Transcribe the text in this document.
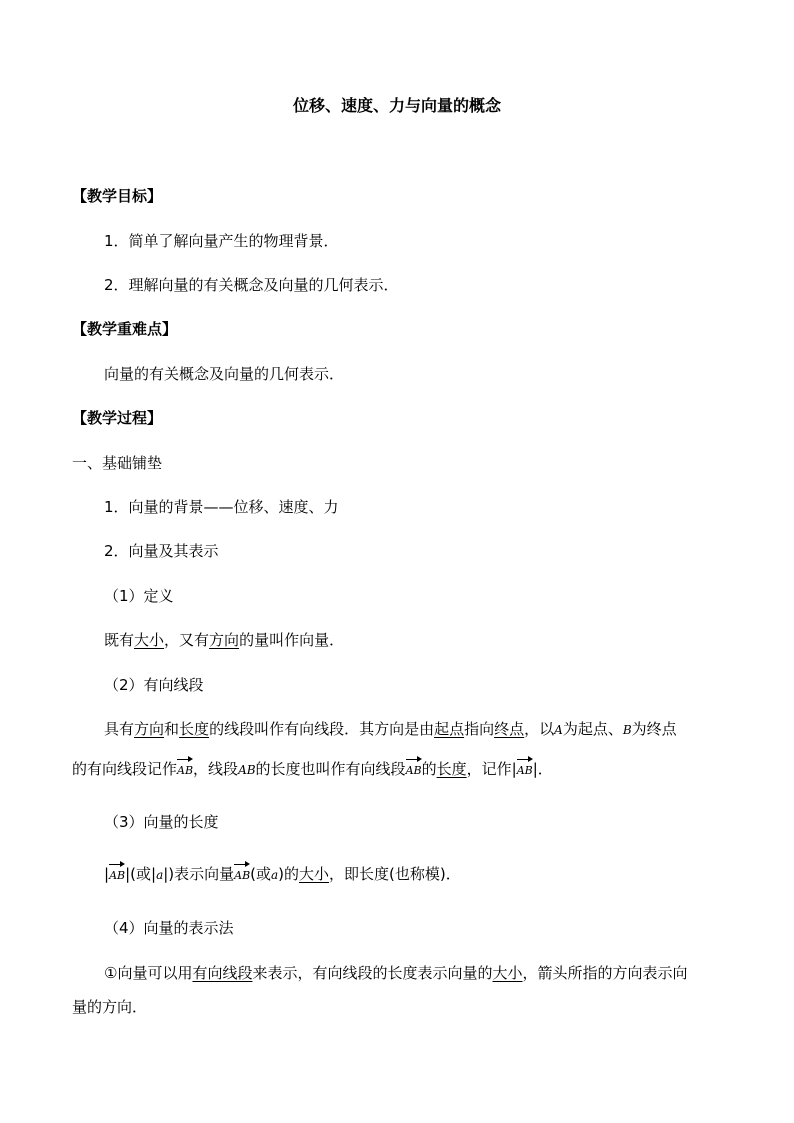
位移、速度、力与向量的概念
【教学目标】
1．简单了解向量产生的物理背景．
2．理解向量的有关概念及向量的几何表示．
【教学重难点】
向量的有关概念及向量的几何表示．
【教学过程】
一、基础铺垫
1．向量的背景——位移、速度、力
2．向量及其表示
（1）定义
既有大小，又有方向的量叫作向量．
（2）有向线段
具有方向和长度的线段叫作有向线段．其方向是由起点指向终点，以A为起点、B为终点
的有向线段记作AB，线段AB的长度也叫作有向线段AB的长度，记作|AB|．
（3）向量的长度
|AB|(或|a|)表示向量AB(或a)的大小，即长度(也称模)．
（4）向量的表示法
①向量可以用有向线段来表示，有向线段的长度表示向量的大小，箭头所指的方向表示向
量的方向．
